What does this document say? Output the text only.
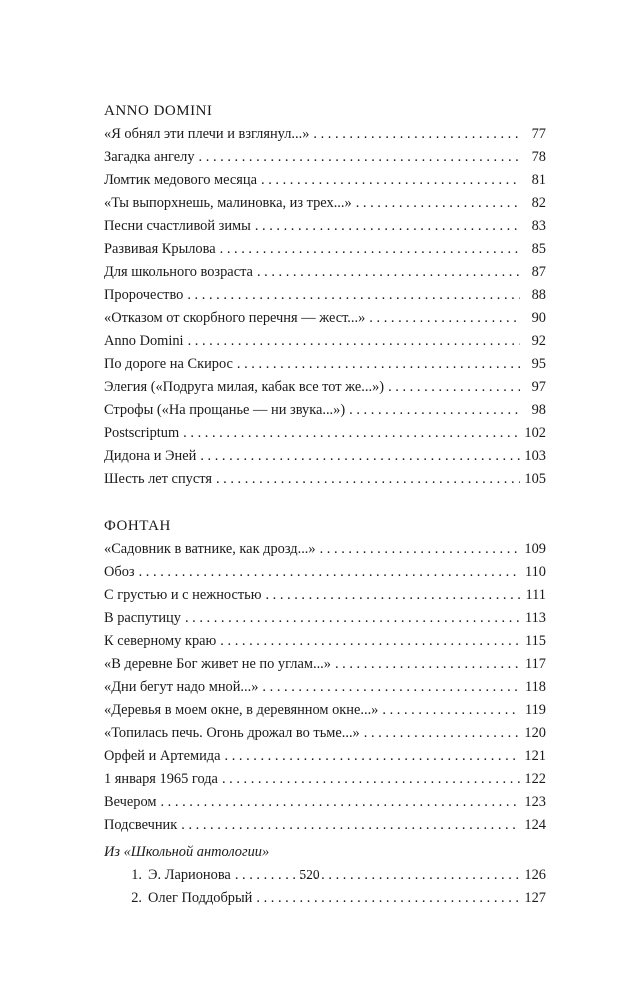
ANNO DOMINI
«Я обнял эти плечи и взглянул...» . . .	77
Загадка ангелу . . .	78
Ломтик медового месяца . . .	81
«Ты выпорхнешь, малиновка, из трех...» . . .	82
Песни счастливой зимы . . .	83
Развивая Крылова . . .	85
Для школьного возраста . . .	87
Пророчество . . .	88
«Отказом от скорбного перечня — жест...» . . .	90
Anno Domini . . .	92
По дороге на Скирос . . .	95
Элегия («Подруга милая, кабак все тот же...») . . .	97
Строфы («На прощанье — ни звука...») . . .	98
Postscriptum . . .	102
Дидона и Эней . . .	103
Шесть лет спустя . . .	105
ФОНТАН
«Садовник в ватнике, как дрозд...» . . .	109
Обоз . . .	110
С грустью и с нежностью . . .	111
В распутицу . . .	113
К северному краю . . .	115
«В деревне Бог живет не по углам...» . . .	117
«Дни бегут надо мной...» . . .	118
«Деревья в моем окне, в деревянном окне...» . . .	119
«Топилась печь. Огонь дрожал во тьме...» . . .	120
Орфей и Артемида . . .	121
1 января 1965 года . . .	122
Вечером . . .	123
Подсвечник . . .	124
Из «Школьной антологии»
1. Э. Ларионова . . .	126
2. Олег Поддобрый . . .	127
520
